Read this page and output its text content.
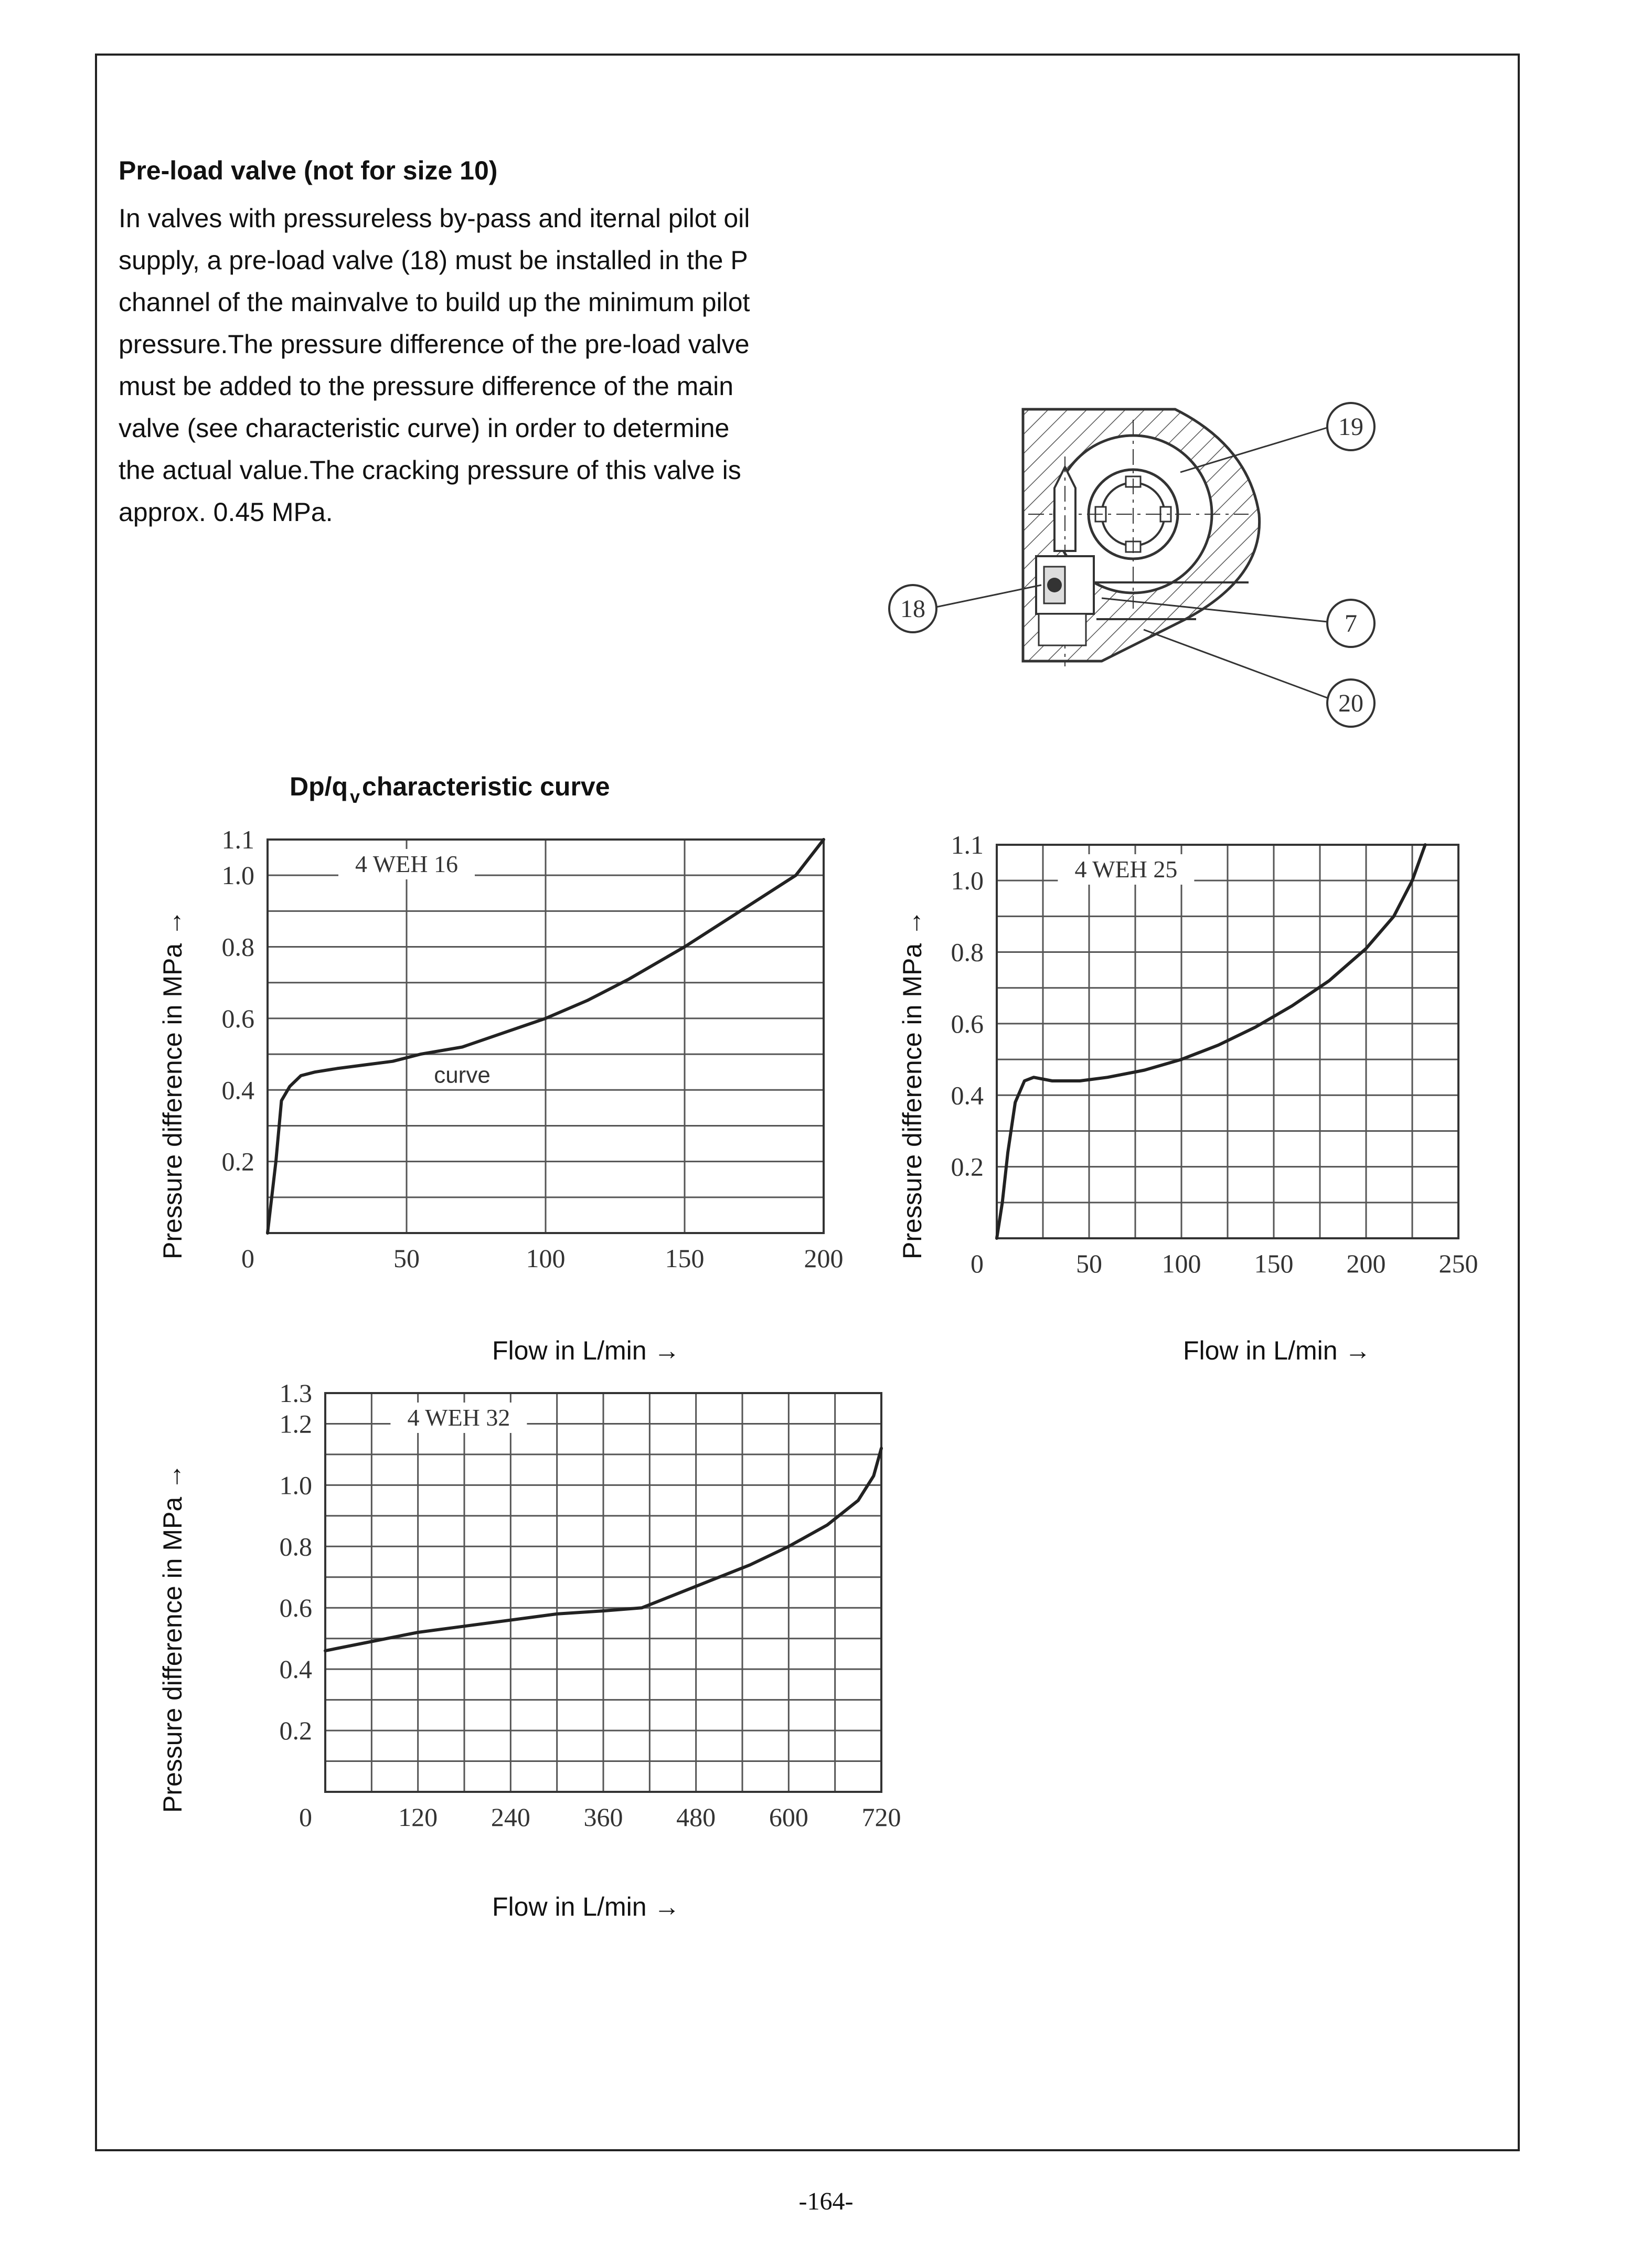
Pre-load valve (not for size 10)
In valves with pressureless by-pass and iternal pilot oil
supply, a pre-load valve (18) must be installed in the P
channel of the mainvalve to build up the minimum pilot
pressure.The pressure difference of the pre-load valve
must be added to the pressure difference of the main
valve (see characteristic curve) in order to determine
the actual value.The cracking pressure of this valve is
approx. 0.45 MPa.
19
18
7
20
Dp/q $_v$characteristic curve
Pressure difference in MPa → 0.2
0.4
0.6
0.8
1.0
1.1
0	50	100	150	200
4 WEH 16
curve
Flow in L/min →
Pressure difference in MPa → 0.2
0.4
0.6
0.8
1.0
1.1
0	50 100 150 200 250
4 WEH 25
Flow in L/min →
Pressure difference in MPa →	0.2
0.4
0.6
0.8
1.0
1.2
1.3
0	120 240 360 480 600 720
4 WEH 32
Flow in L/min →
-164-
